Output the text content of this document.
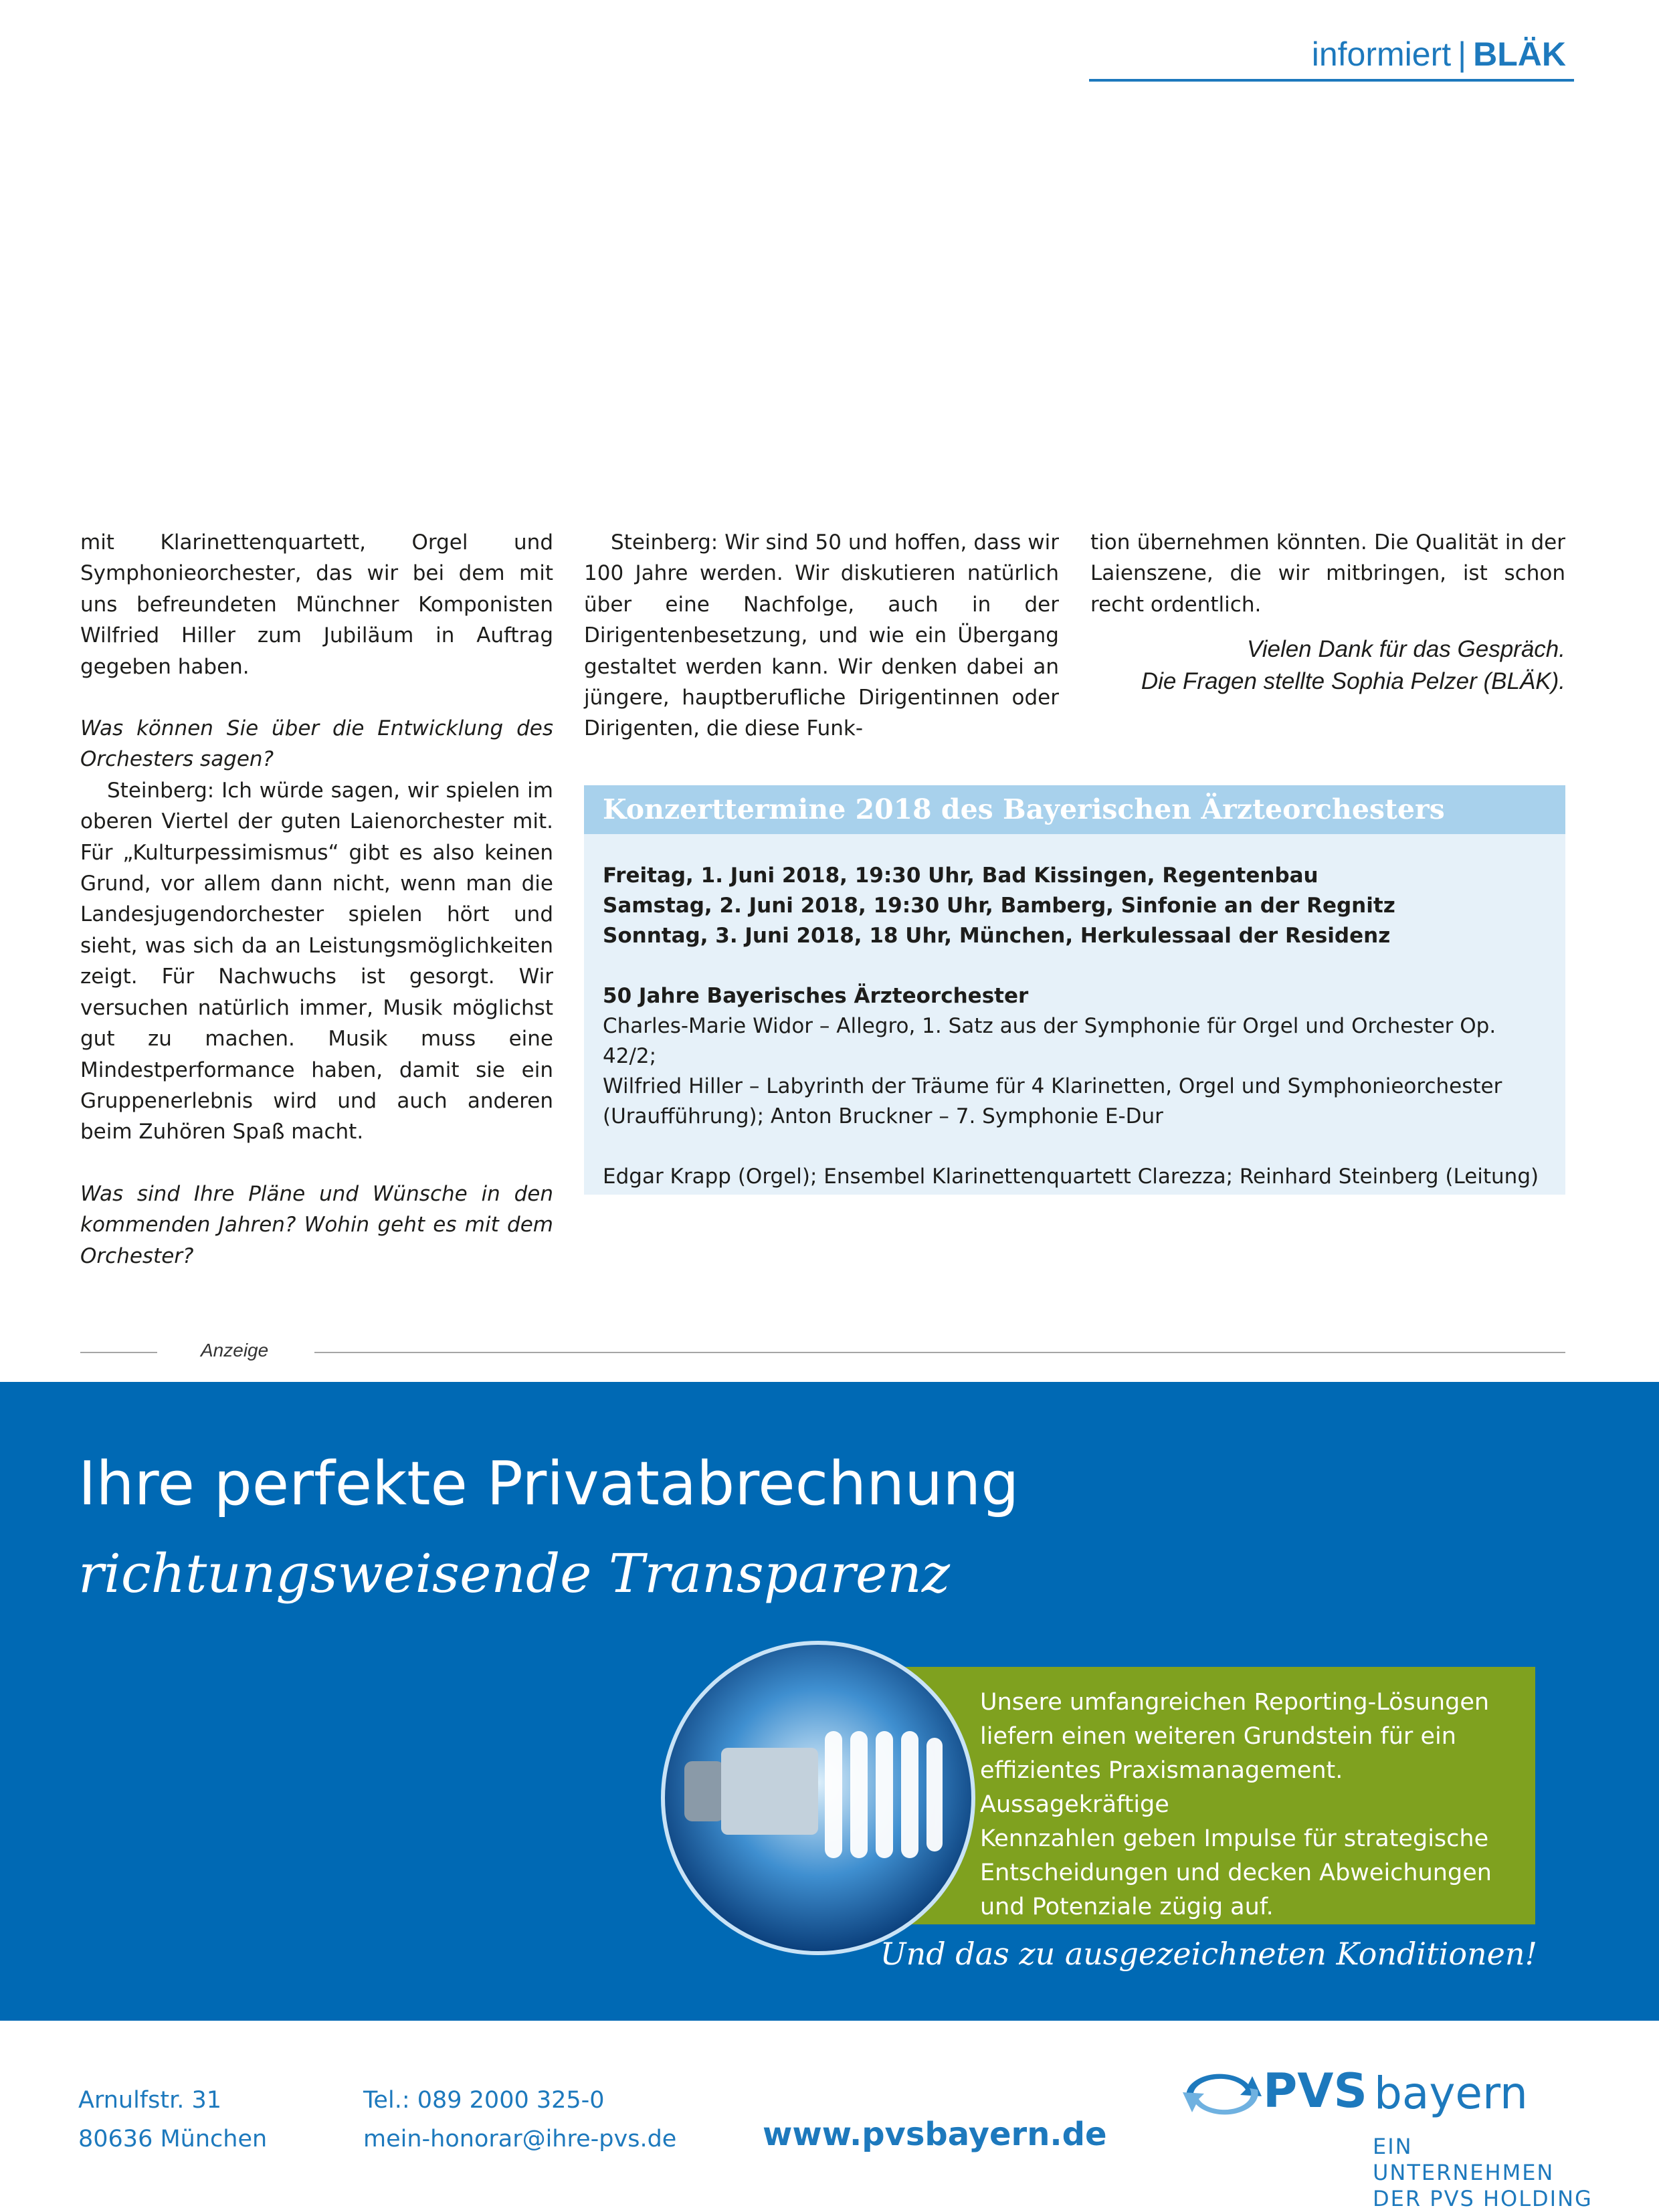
informiert | BLÄK

mit Klarinettenquartett, Orgel und Symphonieorchester, das wir bei dem mit uns befreundeten Münchner Komponisten Wilfried Hiller zum Jubiläum in Auftrag gegeben haben.

Was können Sie über die Entwicklung des Orchesters sagen?

Steinberg: Ich würde sagen, wir spielen im oberen Viertel der guten Laienorchester mit. Für „Kulturpessimismus“ gibt es also keinen Grund, vor allem dann nicht, wenn man die Landesjugendorchester spielen hört und sieht, was sich da an Leistungsmöglichkeiten zeigt. Für Nachwuchs ist gesorgt. Wir versuchen natürlich immer, Musik möglichst gut zu machen. Musik muss eine Mindestperformance haben, damit sie ein Gruppenerlebnis wird und auch anderen beim Zuhören Spaß macht.

Was sind Ihre Pläne und Wünsche in den kommenden Jahren? Wohin geht es mit dem Orchester?

Steinberg: Wir sind 50 und hoffen, dass wir 100 Jahre werden. Wir diskutieren natürlich über eine Nachfolge, auch in der Dirigentenbesetzung, und wie ein Übergang gestaltet werden kann. Wir denken dabei an jüngere, hauptberufliche Dirigentinnen oder Dirigenten, die diese Funk-

tion übernehmen könnten. Die Qualität in der Laienszene, die wir mitbringen, ist schon recht ordentlich.

Vielen Dank für das Gespräch.
Die Fragen stellte Sophia Pelzer (BLÄK).
Konzerttermine 2018 des Bayerischen Ärzteorchesters

Freitag, 1. Juni 2018, 19:30 Uhr, Bad Kissingen, Regentenbau

Samstag, 2. Juni 2018, 19:30 Uhr, Bamberg, Sinfonie an der Regnitz

Sonntag, 3. Juni 2018, 18 Uhr, München, Herkulessaal der Residenz

50 Jahre Bayerisches Ärzteorchester

Charles-Marie Widor – Allegro, 1. Satz aus der Symphonie für Orgel und Orchester Op. 42/2;

Wilfried Hiller – Labyrinth der Träume für 4 Klarinetten, Orgel und Symphonieorchester

(Uraufführung); Anton Bruckner – 7. Symphonie E-Dur

Edgar Krapp (Orgel); Ensembel Klarinettenquartett Clarezza; Reinhard Steinberg (Leitung)

Anzeige
Ihre perfekte Privatabrechnung
richtungsweisende Transparenz

Unsere umfangreichen Reporting-Lösungen

liefern einen weiteren Grundstein für ein

effizientes Praxismanagement. Aussagekräftige

Kennzahlen geben Impulse für strategische

Entscheidungen und decken Abweichungen

und Potenziale zügig auf.

Und das zu ausgezeichneten Konditionen!

Arnulfstr. 31

80636 München

Tel.: 089 2000 325-0

mein-honorar@ihre-pvs.de	www.pvsbayern.de
PVS bayern

EIN UNTERNEHMEN

DER PVS HOLDING
